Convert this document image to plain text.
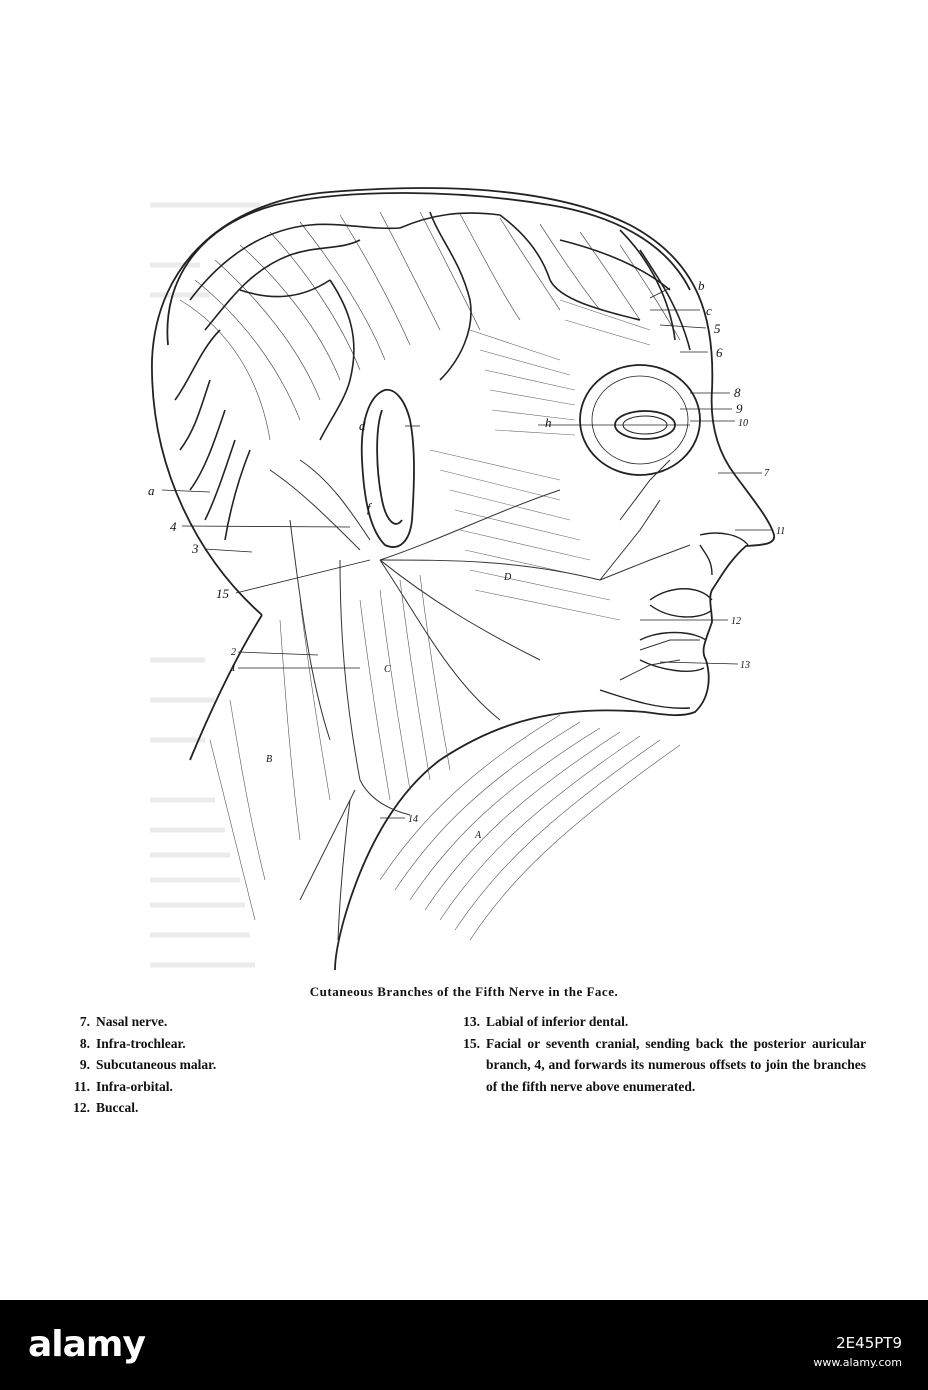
a
b
c
d
f
h
1
2
3
4
5
6
7
8
9
10
11
12
13
14
15
A
B
C
D
Cutaneous Branches of the Fifth Nerve in the Face.
7. Nasal nerve.
8. Infra-trochlear.
9. Subcutaneous malar.
11. Infra-orbital.
12. Buccal.
13. Labial of inferior dental.
15. Facial or seventh cranial, sending back the posterior auricular branch, 4, and forwards its numerous offsets to join the branches of the fifth nerve above enumerated.
alamy	2E45PT9
www.alamy.com
